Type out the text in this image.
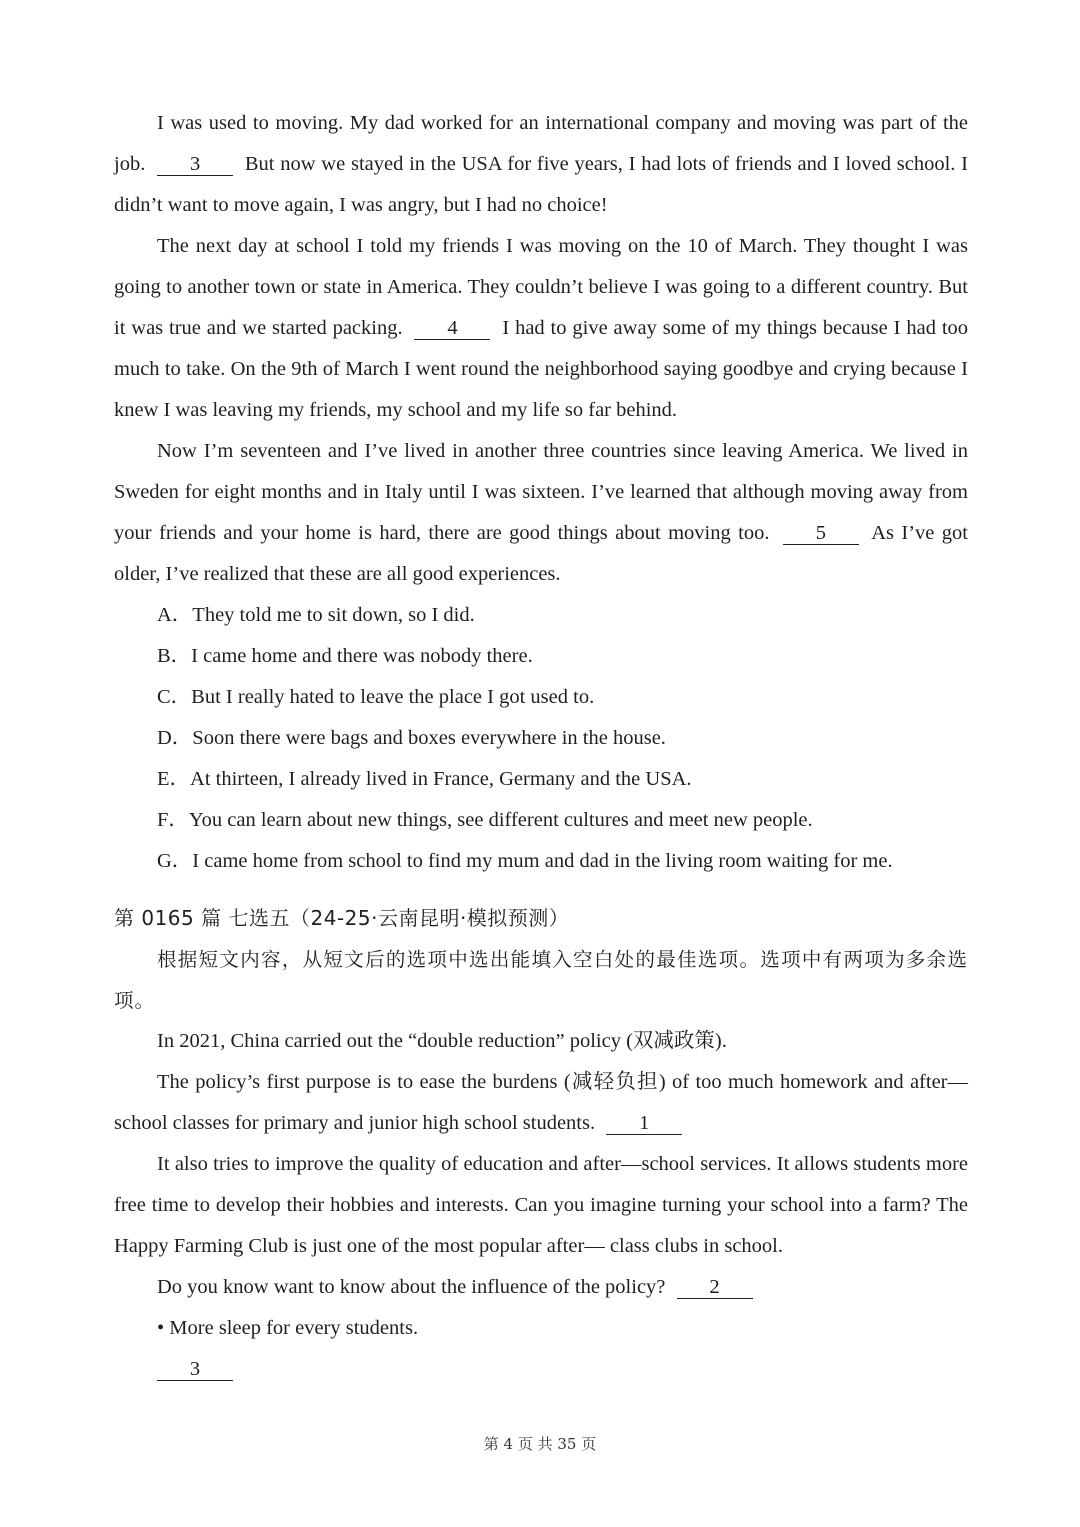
I was used to moving. My dad worked for an international company and moving was part of the job. 3 But now we stayed in the USA for five years, I had lots of friends and I loved school. I didn’t want to move again, I was angry, but I had no choice!

The next day at school I told my friends I was moving on the 10 of March. They thought I was going to another town or state in America. They couldn’t believe I was going to a different country. But it was true and we started packing. 4 I had to give away some of my things because I had too much to take. On the 9th of March I went round the neighborhood saying goodbye and crying because I knew I was leaving my friends, my school and my life so far behind.

Now I’m seventeen and I’ve lived in another three countries since leaving America. We lived in Sweden for eight months and in Italy until I was sixteen. I’ve learned that although moving away from your friends and your home is hard, there are good things about moving too. 5 As I’ve got older, I’ve realized that these are all good experiences.

A．They told me to sit down, so I did.

B．I came home and there was nobody there.

C．But I really hated to leave the place I got used to.

D．Soon there were bags and boxes everywhere in the house.

E．At thirteen, I already lived in France, Germany and the USA.

F．You can learn about new things, see different cultures and meet new people.

G．I came home from school to find my mum and dad in the living room waiting for me.

第 0165 篇 七选五（24-25·云南昆明·模拟预测）

根据短文内容，从短文后的选项中选出能填入空白处的最佳选项。选项中有两项为多余选项。

In 2021, China carried out the “double reduction” policy (双减政策).

The policy’s first purpose is to ease the burdens (减轻负担) of too much homework and after—school classes for primary and junior high school students. 1

It also tries to improve the quality of education and after—school services. It allows students more free time to develop their hobbies and interests. Can you imagine turning your school into a farm? The Happy Farming Club is just one of the most popular after— class clubs in school.

Do you know want to know about the influence of the policy? 2

• More sleep for every students.

3

第 4 页 共 35 页
